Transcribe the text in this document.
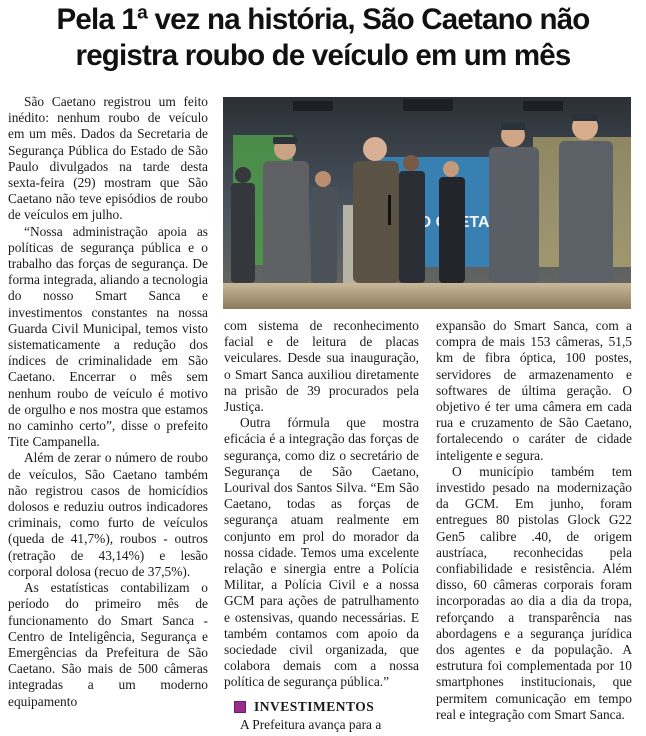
Pela 1ª vez na história, São Caetano não
registra roubo de veículo em um mês

São Caetano registrou um feito inédito: nenhum roubo de veículo em um mês. Dados da Secretaria de Segurança Pública do Estado de São Paulo divulgados na tarde desta sexta-feira (29) mostram que São Caetano não teve episódios de roubo de veículos em julho.

“Nossa administração apoia as políticas de segurança pública e o trabalho das forças de segurança. De forma integrada, aliando a tecnologia do nosso Smart Sanca e investimentos constantes na nossa Guarda Civil Municipal, temos visto sistematicamente a redução dos índices de criminalidade em São Caetano. Encerrar o mês sem nenhum roubo de veículo é motivo de orgulho e nos mostra que estamos no caminho certo”, disse o prefeito Tite Campanella.

Além de zerar o número de roubo de veículos, São Caetano também não registrou casos de homicídios dolosos e reduziu outros indicadores criminais, como furto de veículos (queda de 41,7%), roubos - outros (retração de 43,14%) e lesão corporal dolosa (recuo de 37,5%).

As estatísticas contabilizam o período do primeiro mês de funcionamento do Smart Sanca - Centro de Inteligência, Segurança e Emergências da Prefeitura de São Caetano. São mais de 500 câmeras integradas a um moderno equipamento

CAETANO

com sistema de reconhecimento facial e de leitura de placas veiculares. Desde sua inauguração, o Smart Sanca auxiliou diretamente na prisão de 39 procurados pela Justiça.

Outra fórmula que mostra eficácia é a integração das forças de segurança, como diz o secretário de Segurança de São Caetano, Lourival dos Santos Silva. “Em São Caetano, todas as forças de segurança atuam realmente em conjunto em prol do morador da nossa cidade. Temos uma excelente relação e sinergia entre a Polícia Militar, a Polícia Civil e a nossa GCM para ações de patrulhamento e ostensivas, quando necessárias. E também contamos com apoio da sociedade civil organizada, que colabora demais com a nossa política de segurança pública.”

INVESTIMENTOS

A Prefeitura avança para a

expansão do Smart Sanca, com a compra de mais 153 câmeras, 51,5 km de fibra óptica, 100 postes, servidores de armazenamento e softwares de última geração. O objetivo é ter uma câmera em cada rua e cruzamento de São Caetano, fortalecendo o caráter de cidade inteligente e segura.

O município também tem investido pesado na modernização da GCM. Em junho, foram entregues 80 pistolas Glock G22 Gen5 calibre .40, de origem austríaca, reconhecidas pela confiabilidade e resistência. Além disso, 60 câmeras corporais foram incorporadas ao dia a dia da tropa, reforçando a transparência nas abordagens e a segurança jurídica dos agentes e da população. A estrutura foi complementada por 10 smartphones institucionais, que permitem comunicação em tempo real e integração com Smart Sanca.
